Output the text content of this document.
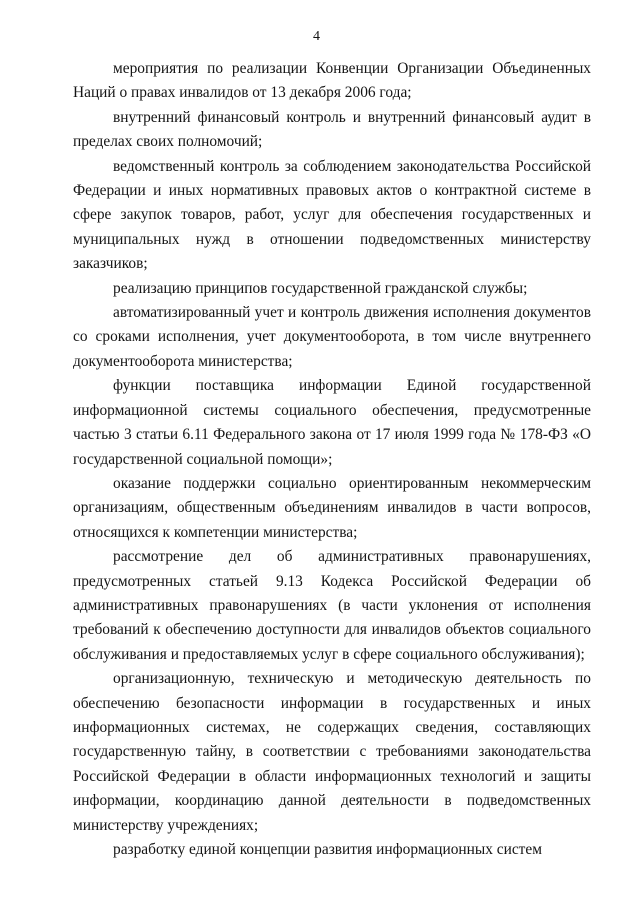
4

мероприятия по реализации Конвенции Организации Объединенных Наций о правах инвалидов от 13 декабря 2006 года;

внутренний финансовый контроль и внутренний финансовый аудит в пределах своих полномочий;

ведомственный контроль за соблюдением законодательства Российской Федерации и иных нормативных правовых актов о контрактной системе в сфере закупок товаров, работ, услуг для обеспечения государственных и муниципальных нужд в отношении подведомственных министерству заказчиков;

реализацию принципов государственной гражданской службы;

автоматизированный учет и контроль движения исполнения документов со сроками исполнения, учет документооборота, в том числе внутреннего документооборота министерства;

функции поставщика информации Единой государственной информационной системы социального обеспечения, предусмотренные частью 3 статьи 6.11 Федерального закона от 17 июля 1999 года № 178-ФЗ «О государственной социальной помощи»;

оказание поддержки социально ориентированным некоммерческим организациям, общественным объединениям инвалидов в части вопросов, относящихся к компетенции министерства;

рассмотрение дел об административных правонарушениях, предусмотренных статьей 9.13 Кодекса Российской Федерации об административных правонарушениях (в части уклонения от исполнения требований к обеспечению доступности для инвалидов объектов социального обслуживания и предоставляемых услуг в сфере социального обслуживания);

организационную, техническую и методическую деятельность по обеспечению безопасности информации в государственных и иных информационных системах, не содержащих сведения, составляющих государственную тайну, в соответствии с требованиями законодательства Российской Федерации в области информационных технологий и защиты информации, координацию данной деятельности в подведомственных министерству учреждениях;

разработку единой концепции развития информационных систем
